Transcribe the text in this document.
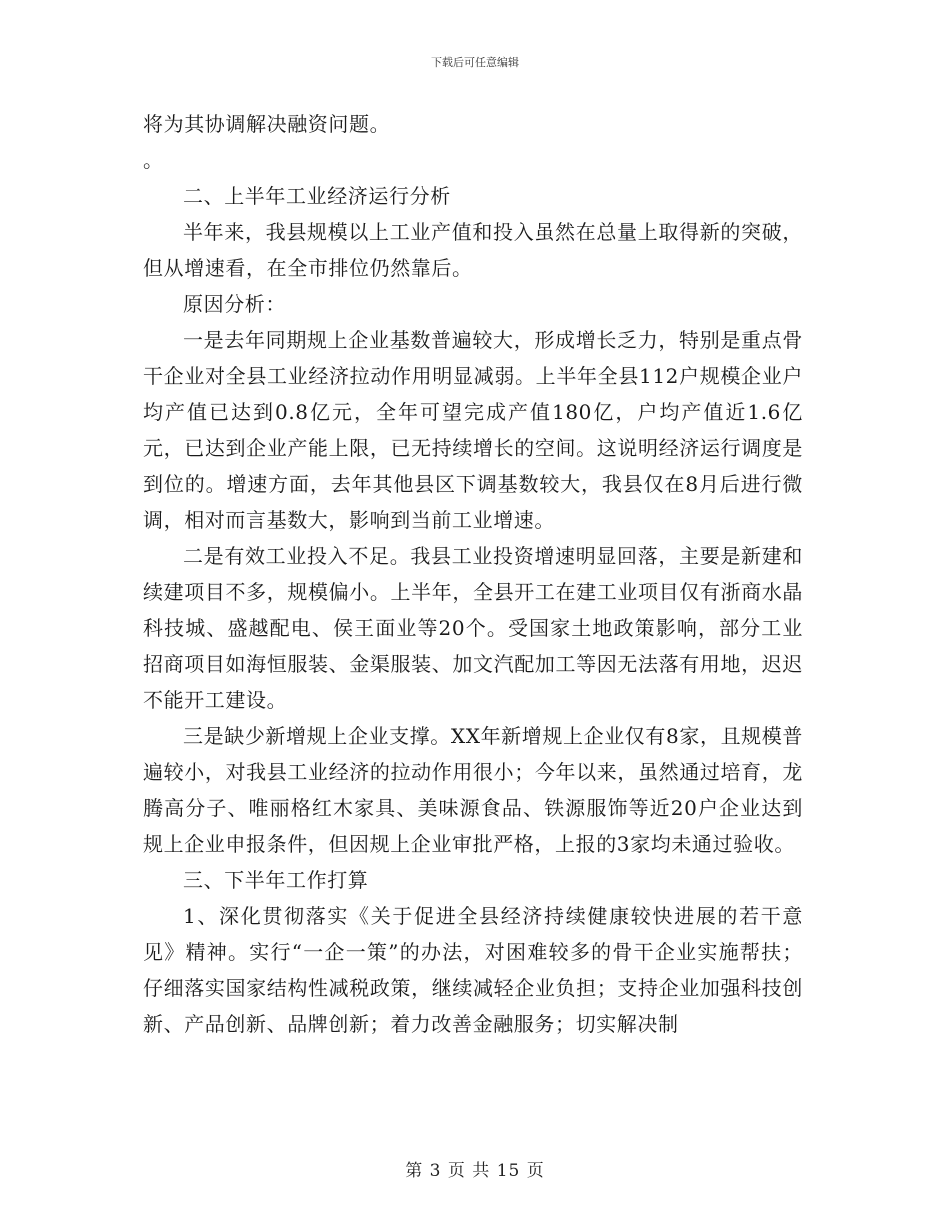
下载后可任意编辑

将为其协调解决融资问题。

。

二、上半年工业经济运行分析

半年来，我县规模以上工业产值和投入虽然在总量上取得新的突破，但从增速看，在全市排位仍然靠后。

原因分析：

一是去年同期规上企业基数普遍较大，形成增长乏力，特别是重点骨干企业对全县工业经济拉动作用明显减弱。上半年全县112户规模企业户均产值已达到0.8亿元，全年可望完成产值180亿，户均产值近1.6亿元，已达到企业产能上限，已无持续增长的空间。这说明经济运行调度是到位的。增速方面，去年其他县区下调基数较大，我县仅在8月后进行微调，相对而言基数大，影响到当前工业增速。

二是有效工业投入不足。我县工业投资增速明显回落，主要是新建和续建项目不多，规模偏小。上半年，全县开工在建工业项目仅有浙商水晶科技城、盛越配电、侯王面业等20个。受国家土地政策影响，部分工业招商项目如海恒服装、金渠服装、加文汽配加工等因无法落有用地，迟迟不能开工建设。

三是缺少新增规上企业支撑。XX年新增规上企业仅有8家，且规模普遍较小，对我县工业经济的拉动作用很小；今年以来，虽然通过培育，龙腾高分子、唯丽格红木家具、美味源食品、铁源服饰等近20户企业达到规上企业申报条件，但因规上企业审批严格，上报的3家均未通过验收。

三、下半年工作打算

1、深化贯彻落实《关于促进全县经济持续健康较快进展的若干意见》精神。实行“一企一策”的办法，对困难较多的骨干企业实施帮扶；仔细落实国家结构性减税政策，继续减轻企业负担；支持企业加强科技创新、产品创新、品牌创新；着力改善金融服务；切实解决制

第 3 页 共 15 页
